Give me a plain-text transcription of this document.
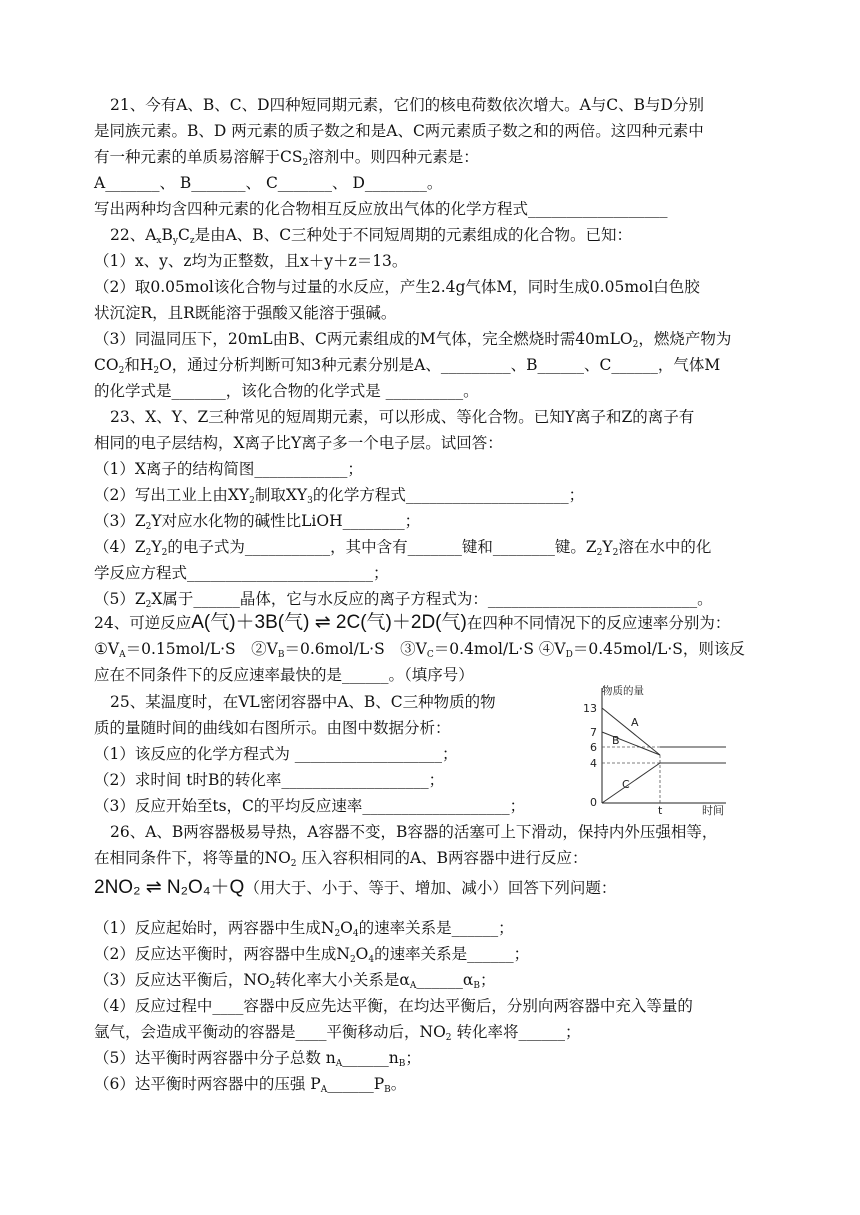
21、今有A、B、C、D四种短同期元素，它们的核电荷数依次增大。A与C、B与D分别
是同族元素。B、D 两元素的质子数之和是A、C两元素质子数之和的两倍。这四种元素中
有一种元素的单质易溶解于$CS_2$溶剂中。则四种元素是：
A_______、 B_______、 C_______、 D________。
写出两种均含四种元素的化合物相互反应放出气体的化学方程式__________________
22、$A_xB_yC_z$是由A、B、C三种处于不同短周期的元素组成的化合物。已知：
（1）x、y、z均为正整数，且x＋y＋z＝13。
（2）取0.05mol该化合物与过量的水反应，产生2.4g气体M，同时生成0.05mol白色胶
状沉淀R，且R既能溶于强酸又能溶于强碱。
（3）同温同压下，20mL由B、C两元素组成的M气体，完全燃烧时需40mLO$_2$，燃烧产物为
$CO_2$和$H_2O$，通过分析判断可知3种元素分别是A、_________、B______、C______，气体M
的化学式是_______，该化合物的化学式是 __________。
23、X、Y、Z三种常见的短周期元素，可以形成、等化合物。已知Y离子和Z的离子有
相同的电子层结构，X离子比Y离子多一个电子层。试回答：
（1）X离子的结构简图____________；
（2）写出工业上由$XY_2$制取$XY_3$的化学方程式_____________________；
$(3)Z_2Y$对应水化物的碱性比LiOH________；
$(4)Z_2Y_2$的电子式为___________，其中含有_______键和________键。$Z_2Y_2$溶在水中的化
学反应方程式________________________；
$(5)Z_2X$属于______晶体，它与水反应的离子方程式为：___________________________。
24、可逆反应A(气)＋3B(气) ⇌ 2C(气)＋2D(气)在四种不同情况下的反应速率分别为：
$①V_A=0.15mol/L\cdot S$　$②V_B=0.6mol/L\cdot S$　$③V_C=0.4mol/L\cdot S$ $④V_D=0.45mol/L\cdot S$，则该反
应在不同条件下的反应速率最快的是______。（填序号）
25、某温度时，在VL密闭容器中A、B、C三种物质的物
质的量随时间的曲线如右图所示。由图中数据分析：
（1）该反应的化学方程式为 ___________________；
（2）求时间 t时B的转化率___________________；
（3）反应开始至ts，C的平均反应速率___________________；
物质的量
时间
13
7
6
4
0
t
A
B
C
26、A、B两容器极易导热，A容器不变，B容器的活塞可上下滑动，保持内外压强相等，
在相同条件下，将等量的$NO_2$ 压入容积相同的A、B两容器中进行反应：
2NO₂ ⇌ N₂O₄＋Q（用大于、小于、等于、增加、减小）回答下列问题：
（1）反应起始时，两容器中生成$N_2O_4$的速率关系是______；
（2）反应达平衡时，两容器中生成$N_2O_4$的速率关系是______；
（3）反应达平衡后，$NO_2$转化率大小关系是$\alpha_A\_\_\_\_\_\_\alpha_B$；
（4）反应过程中____容器中反应先达平衡，在均达平衡后，分别向两容器中充入等量的
氩气，会造成平衡动的容器是____平衡移动后，$NO_2$ 转化率将______；
（5）达平衡时两容器中分子总数 $n_A\_\_\_\_\_\_n_B$；
（6）达平衡时两容器中的压强 $P_A\_\_\_\_\_\_P_B$。
